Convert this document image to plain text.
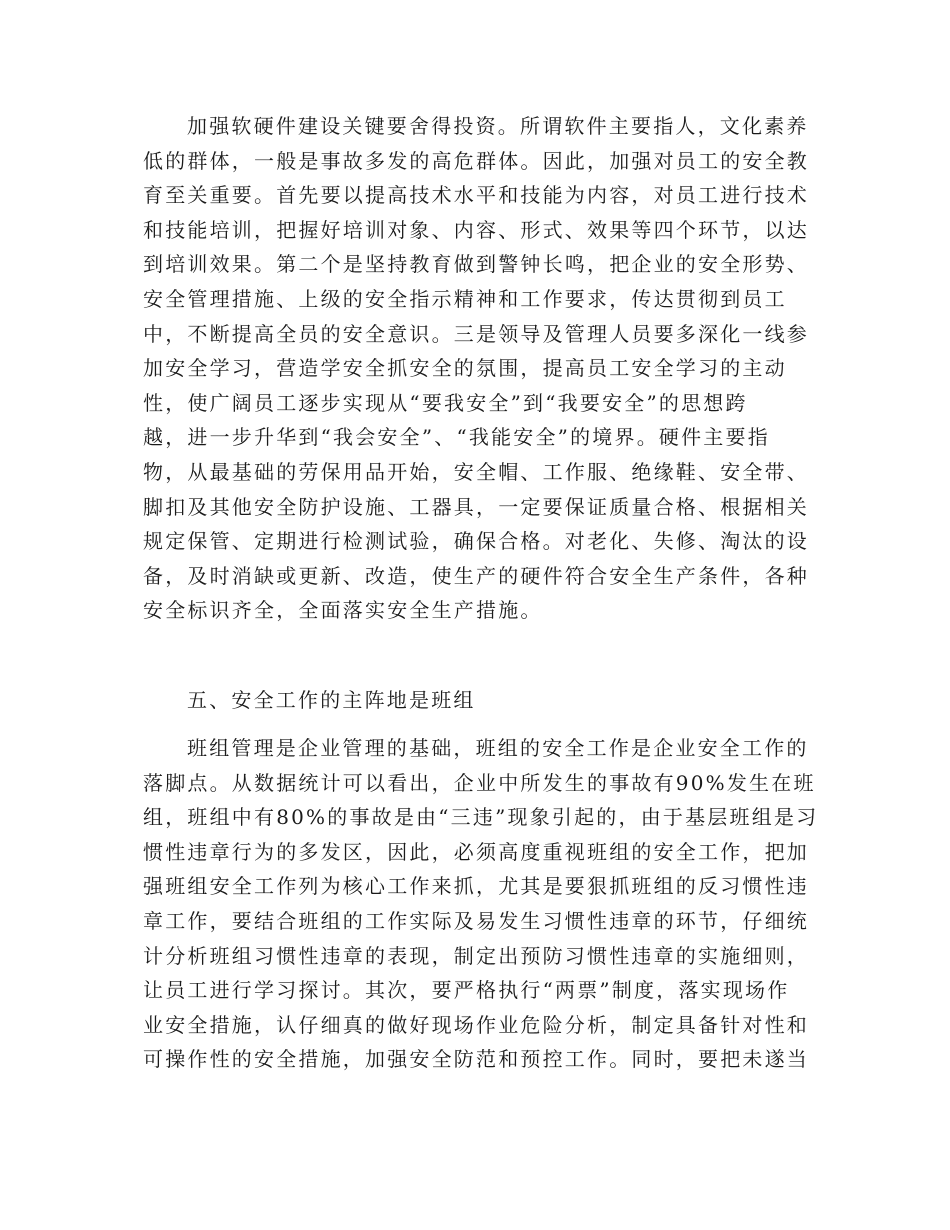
加强软硬件建设关键要舍得投资。所谓软件主要指人，文化素养
低的群体，一般是事故多发的高危群体。因此，加强对员工的安全教
育至关重要。首先要以提高技术水平和技能为内容，对员工进行技术
和技能培训，把握好培训对象、内容、形式、效果等四个环节，以达
到培训效果。第二个是坚持教育做到警钟长鸣，把企业的安全形势、
安全管理措施、上级的安全指示精神和工作要求，传达贯彻到员工
中，不断提高全员的安全意识。三是领导及管理人员要多深化一线参
加安全学习，营造学安全抓安全的氛围，提高员工安全学习的主动
性，使广阔员工逐步实现从“要我安全”到“我要安全”的思想跨
越，进一步升华到“我会安全”、“我能安全”的境界。硬件主要指
物，从最基础的劳保用品开始，安全帽、工作服、绝缘鞋、安全带、
脚扣及其他安全防护设施、工器具，一定要保证质量合格、根据相关
规定保管、定期进行检测试验，确保合格。对老化、失修、淘汰的设
备，及时消缺或更新、改造，使生产的硬件符合安全生产条件，各种
安全标识齐全，全面落实安全生产措施。
五、安全工作的主阵地是班组
班组管理是企业管理的基础，班组的安全工作是企业安全工作的
落脚点。从数据统计可以看出，企业中所发生的事故有90%发生在班
组，班组中有80%的事故是由“三违”现象引起的，由于基层班组是习
惯性违章行为的多发区，因此，必须高度重视班组的安全工作，把加
强班组安全工作列为核心工作来抓，尤其是要狠抓班组的反习惯性违
章工作，要结合班组的工作实际及易发生习惯性违章的环节，仔细统
计分析班组习惯性违章的表现，制定出预防习惯性违章的实施细则，
让员工进行学习探讨。其次，要严格执行“两票”制度，落实现场作
业安全措施，认仔细真的做好现场作业危险分析，制定具备针对性和
可操作性的安全措施，加强安全防范和预控工作。同时，要把未遂当
